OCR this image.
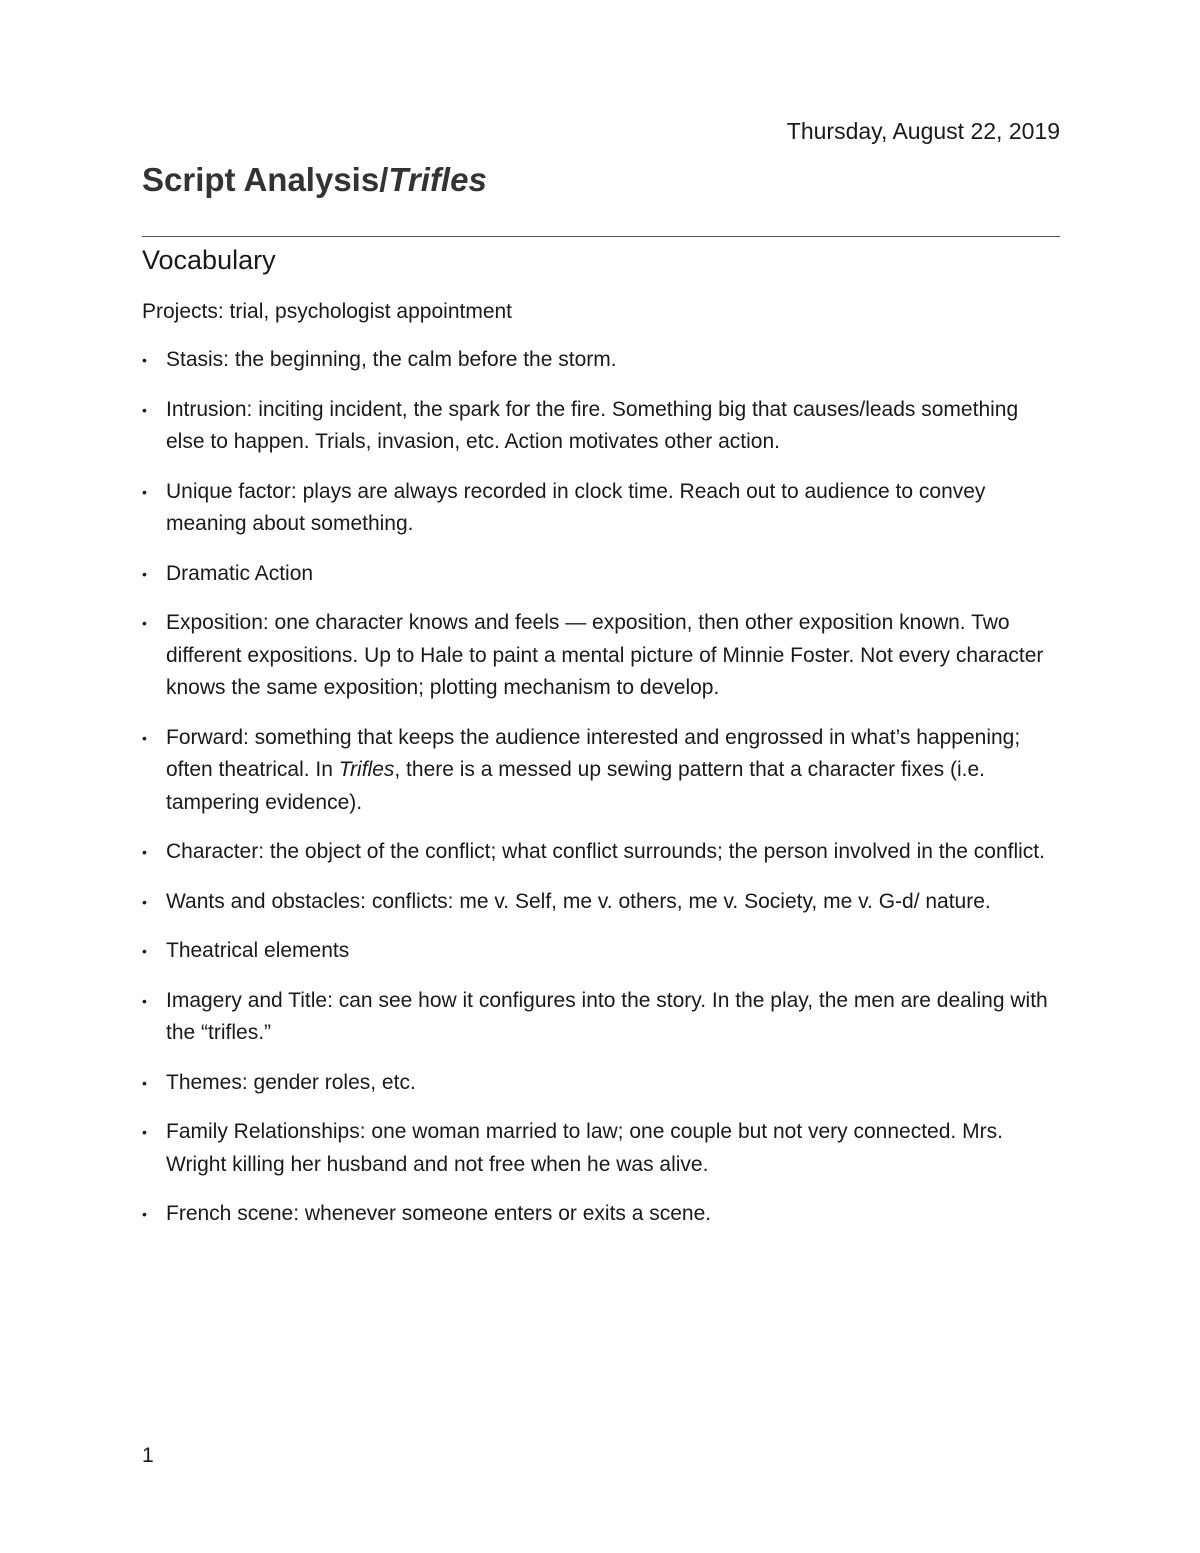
Thursday, August 22, 2019
Script Analysis/Trifles
Vocabulary

Projects: trial, psychologist appointment

• Stasis: the beginning, the calm before the storm.
• Intrusion: inciting incident, the spark for the fire. Something big that causes/leads something else to happen. Trials, invasion, etc. Action motivates other action.
• Unique factor: plays are always recorded in clock time. Reach out to audience to convey meaning about something.
• Dramatic Action
• Exposition: one character knows and feels — exposition, then other exposition known. Two different expositions. Up to Hale to paint a mental picture of Minnie Foster. Not every character knows the same exposition; plotting mechanism to develop.
• Forward: something that keeps the audience interested and engrossed in what’s happening; often theatrical. In Trifles, there is a messed up sewing pattern that a character fixes (i.e. tampering evidence).
• Character: the object of the conflict; what conflict surrounds; the person involved in the conflict.
• Wants and obstacles: conflicts: me v. Self, me v. others, me v. Society, me v. G-d/ nature.
• Theatrical elements
• Imagery and Title: can see how it configures into the story. In the play, the men are dealing with the “trifles.”
• Themes: gender roles, etc.
• Family Relationships: one woman married to law; one couple but not very connected. Mrs. Wright killing her husband and not free when he was alive.
• French scene: whenever someone enters or exits a scene.
1
